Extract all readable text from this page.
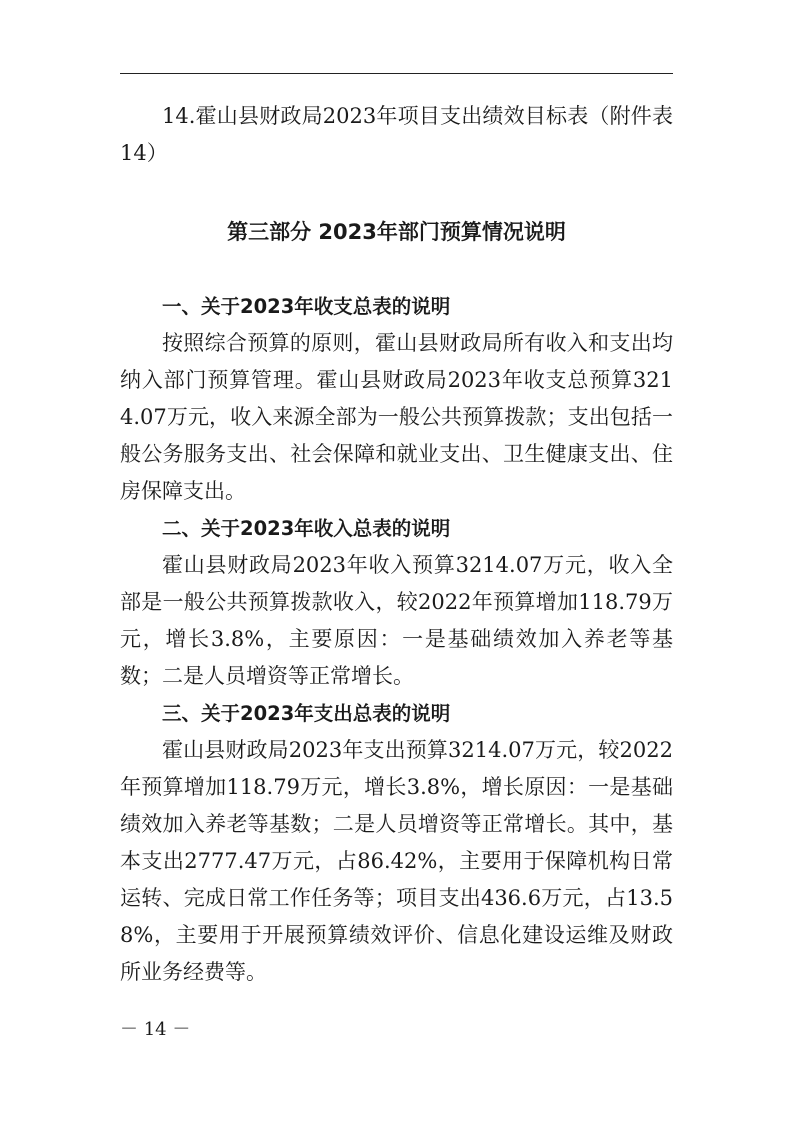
14.霍山县财政局2023年项目支出绩效目标表（附件表14）

第三部分 2023年部门预算情况说明

一、关于2023年收支总表的说明

按照综合预算的原则，霍山县财政局所有收入和支出均纳入部门预算管理。霍山县财政局2023年收支总预算3214.07万元，收入来源全部为一般公共预算拨款；支出包括一般公务服务支出、社会保障和就业支出、卫生健康支出、住房保障支出。

二、关于2023年收入总表的说明

霍山县财政局2023年收入预算3214.07万元，收入全部是一般公共预算拨款收入，较2022年预算增加118.79万元，增长3.8%，主要原因：一是基础绩效加入养老等基数；二是人员增资等正常增长。

三、关于2023年支出总表的说明

霍山县财政局2023年支出预算3214.07万元，较2022年预算增加118.79万元，增长3.8%，增长原因：一是基础绩效加入养老等基数；二是人员增资等正常增长。其中，基本支出2777.47万元，占86.42%，主要用于保障机构日常运转、完成日常工作任务等；项目支出436.6万元，占13.58%，主要用于开展预算绩效评价、信息化建设运维及财政所业务经费等。

－ 14 －
